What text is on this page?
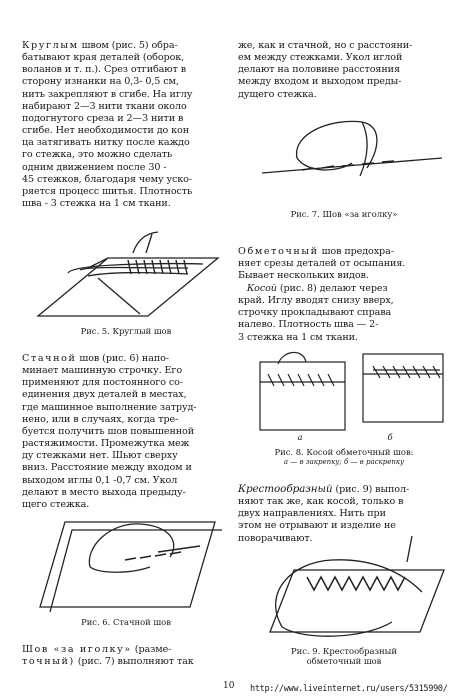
Круглым швом (рис. 5) обра-
батывают края деталей (оборок,
воланов и т. п.). Срез отгибают в
сторону изнанки на 0,3- 0,5 см,
нить закрепляют в сгибе. На иглу
набирают 2—3 нити ткани около
подогнутого среза и 2—3 нити в
сгибе. Нет необходимости до кон
ца затягивать нитку после каждо
го стежка, это можно сделать
одним движением после 30 -
45 стежков, благодаря чему уско-
ряется процесс шитья. Плотность
шва - 3 стежка на 1 см ткани.
Рис. 5. Круглый шов
Стачной шов (рис. 6) напо-
минает машинную строчку. Его
применяют для постоянного со-
единения двух деталей в местах,
где машинное выполнение затруд-
нено, или в случаях, когда тре-
буется получить шов повышенной
растяжимости. Промежутка меж
ду стежками нет. Шьют сверху
вниз. Расстояние между входом и
выходом иглы 0,1 -0,7 см. Укол
делают в место выхода предыду-
щего стежка.
Рис. 6. Стачной шов
Шов «за иголку» (разме-
точный) (рис. 7) выполняют так
же, как и стачной, но с расстояни-
ем между стежками. Укол иглой
делают на половине расстояния
между входом и выходом преды-
дущего стежка.
Рис. 7. Шов «за иголку»
Обметочный шов предохра-
няет срезы деталей от осыпания.
Бывает нескольких видов.
Косой (рис. 8) делают через
край. Иглу вводят снизу вверх,
строчку прокладывают справа
налево. Плотность шва — 2-
3 стежка на 1 см ткани.
а	б
Рис. 8. Косой обметочный шов:
а — в закрепку; б — в раскрепку
Крестообразный (рис. 9) выпол-
няют так же, как косой, только в
двух направлениях. Нить при
этом не отрывают и изделие не
поворачивают.
Рис. 9. Крестообразный
обметочный шов
10 http://www.liveinternet.ru/users/5315990/
